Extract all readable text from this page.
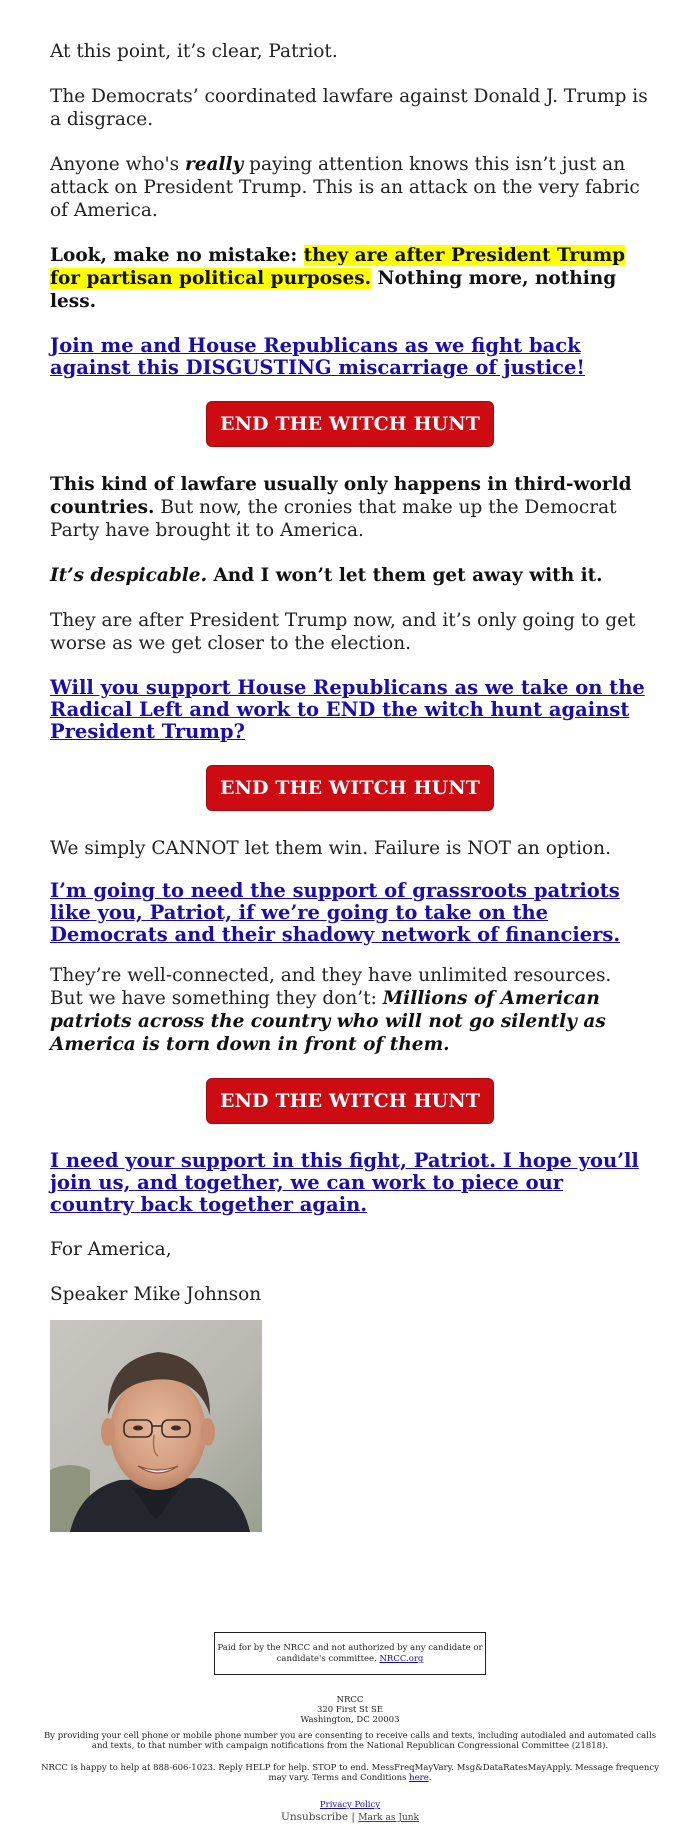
At this point, it’s clear, Patriot.

The Democrats’ coordinated lawfare against Donald J. Trump is a disgrace.

Anyone who's really paying attention knows this isn’t just an attack on President Trump. This is an attack on the very fabric of America.

Look, make no mistake: they are after President Trump for partisan political purposes. Nothing more, nothing less.

Join me and House Republicans as we fight back against this DISGUSTING miscarriage of justice!
END THE WITCH HUNT

This kind of lawfare usually only happens in third-world countries. But now, the cronies that make up the Democrat Party have brought it to America.

It’s despicable. And I won’t let them get away with it.

They are after President Trump now, and it’s only going to get worse as we get closer to the election.

Will you support House Republicans as we take on the Radical Left and work to END the witch hunt against President Trump?
END THE WITCH HUNT

We simply CANNOT let them win. Failure is NOT an option.

I’m going to need the support of grassroots patriots like you, Patriot, if we’re going to take on the Democrats and their shadowy network of financiers.

They’re well-connected, and they have unlimited resources. But we have something they don’t: Millions of American patriots across the country who will not go silently as America is torn down in front of them.

END THE WITCH HUNT
I need your support in this fight, Patriot. I hope you’ll join us, and together, we can work to piece our country back together again.

For America,

Speaker Mike Johnson

Paid for by the NRCC and not authorized by any candidate or candidate's committee. NRCC.org
NRCC
320 First St SE
Washington, DC 20003
By providing your cell phone or mobile phone number you are consenting to receive calls and texts, including autodialed and automated calls and texts, to that number with campaign notifications from the National Republican Congressional Committee (21818).
NRCC is happy to help at 888-606-1023. Reply HELP for help. STOP to end. MessFreqMayVary. Msg&DataRatesMayApply. Message frequency may vary. Terms and Conditions here.
Privacy Policy
Unsubscribe | Mark as Junk
